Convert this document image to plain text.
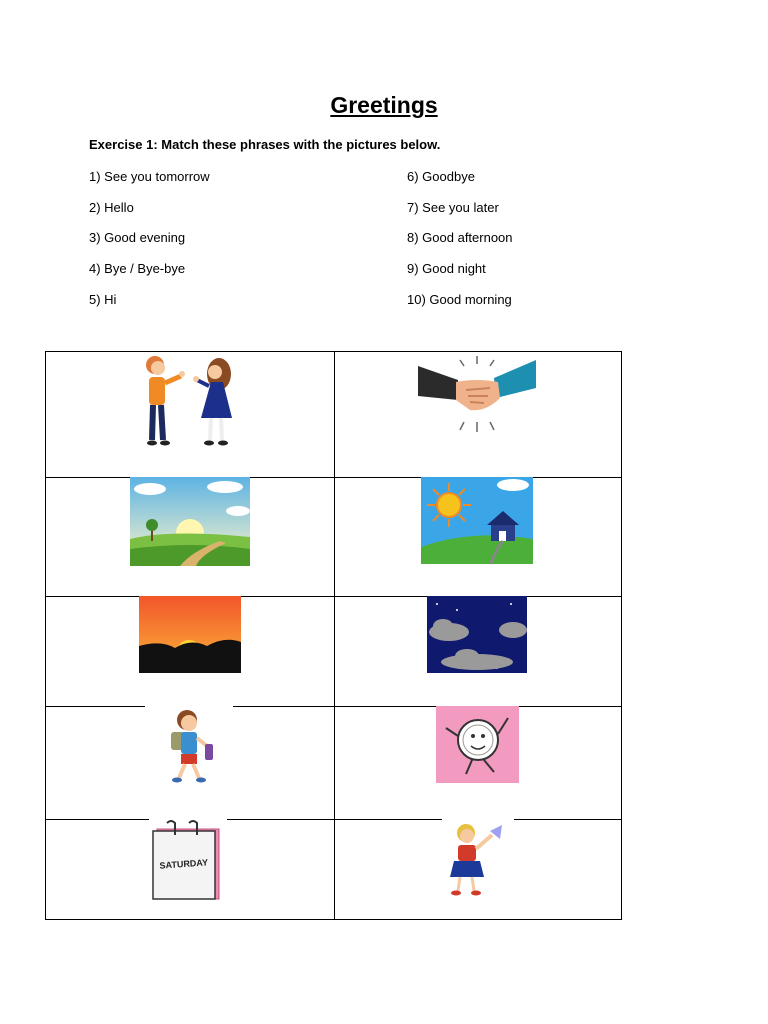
Greetings
Exercise 1: Match these phrases with the pictures below.
1) See you tomorrow
2) Hello
3) Good evening
4) Bye / Bye-bye
5) Hi
6) Goodbye
7) See you later
8) Good afternoon
9) Good night
10) Good morning
SATURDAY
